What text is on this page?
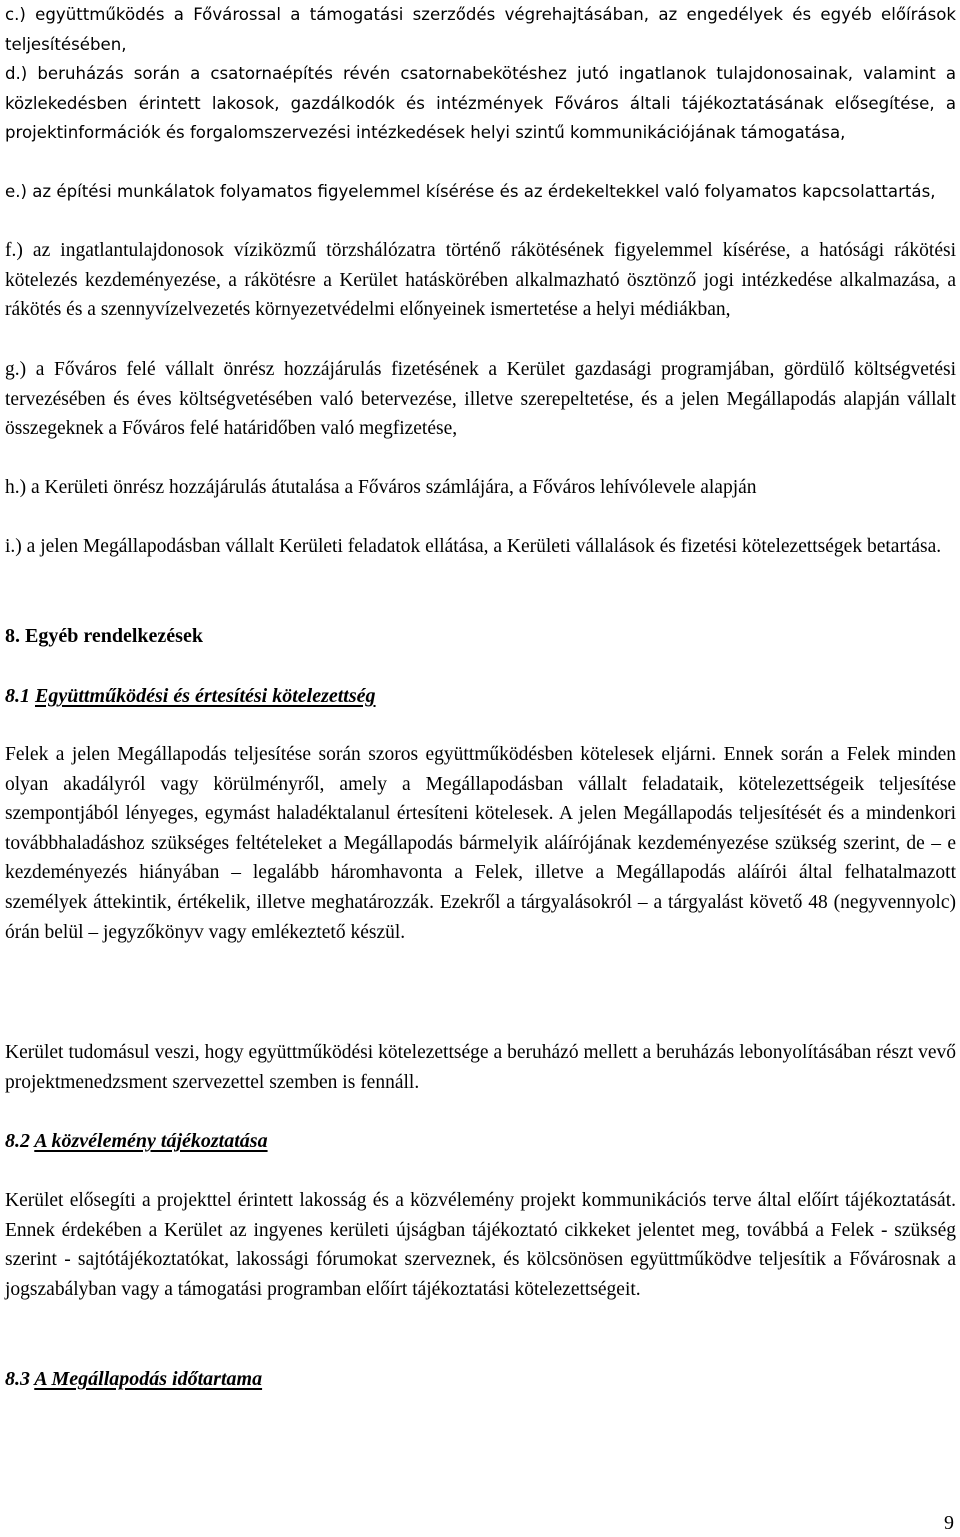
c.) együttműködés a Fővárossal a támogatási szerződés végrehajtásában, az engedélyek és egyéb előírások teljesítésében,

d.) beruházás során a csatornaépítés révén csatornabekötéshez jutó ingatlanok tulajdonosainak, valamint a közlekedésben érintett lakosok, gazdálkodók és intézmények Főváros általi tájékoztatásának elősegítése, a projektinformációk és forgalomszervezési intézkedések helyi szintű kommunikációjának támogatása,

e.) az építési munkálatok folyamatos figyelemmel kísérése és az érdekeltekkel való folyamatos kapcsolattartás,

f.) az ingatlantulajdonosok víziközmű törzshálózatra történő rákötésének figyelemmel kísérése, a hatósági rákötési kötelezés kezdeményezése, a rákötésre a Kerület hatáskörében alkalmazható ösztönző jogi intézkedése alkalmazása, a rákötés és a szennyvízelvezetés környezetvédelmi előnyeinek ismertetése a helyi médiákban,

g.) a Főváros felé vállalt önrész hozzájárulás fizetésének a Kerület gazdasági programjában, gördülő költségvetési tervezésében és éves költségvetésében való betervezése, illetve szerepeltetése, és a jelen Megállapodás alapján vállalt összegeknek a Főváros felé határidőben való megfizetése,

h.) a Kerületi önrész hozzájárulás átutalása a Főváros számlájára, a Főváros lehívólevele alapján

i.) a jelen Megállapodásban vállalt Kerületi feladatok ellátása, a Kerületi vállalások és fizetési kötelezettségek betartása.

8. Egyéb rendelkezések
8.1 Együttműködési és értesítési kötelezettség

Felek a jelen Megállapodás teljesítése során szoros együttműködésben kötelesek eljárni. Ennek során a Felek minden olyan akadályról vagy körülményről, amely a Megállapodásban vállalt feladataik, kötelezettségeik teljesítése szempontjából lényeges, egymást haladéktalanul értesíteni kötelesek. A jelen Megállapodás teljesítését és a mindenkori továbbhaladáshoz szükséges feltételeket a Megállapodás bármelyik aláírójának kezdeményezése szükség szerint, de – e kezdeményezés hiányában – legalább háromhavonta a Felek, illetve a Megállapodás aláírói által felhatalmazott személyek áttekintik, értékelik, illetve meghatározzák. Ezekről a tárgyalásokról – a tárgyalást követő 48 (negyvennyolc) órán belül – jegyzőkönyv vagy emlékeztető készül.

Kerület tudomásul veszi, hogy együttműködési kötelezettsége a beruházó mellett a beruházás lebonyolításában részt vevő projektmenedzsment szervezettel szemben is fennáll.

8.2 A közvélemény tájékoztatása

Kerület elősegíti a projekttel érintett lakosság és a közvélemény projekt kommunikációs terve által előírt tájékoztatását. Ennek érdekében a Kerület az ingyenes kerületi újságban tájékoztató cikkeket jelentet meg, továbbá a Felek - szükség szerint - sajtótájékoztatókat, lakossági fórumokat szerveznek, és kölcsönösen együttműködve teljesítik a Fővárosnak a jogszabályban vagy a támogatási programban előírt tájékoztatási kötelezettségeit.

8.3 A Megállapodás időtartama
9
